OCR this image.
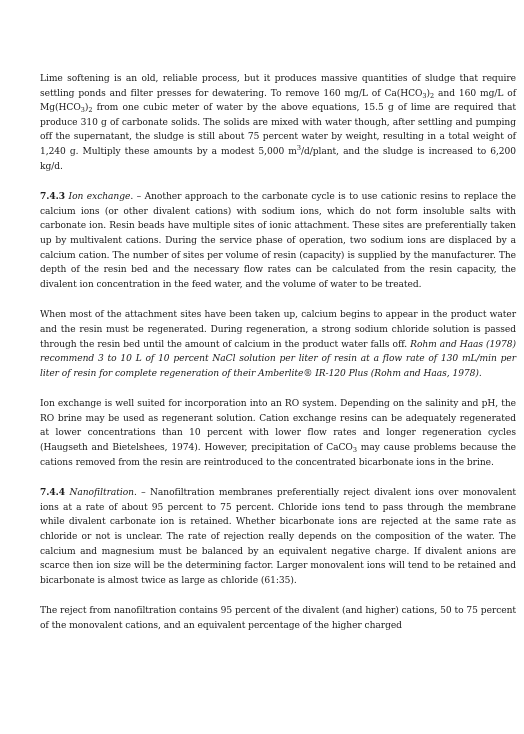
Lime softening is an old, reliable process, but it produces massive quantities of sludge that require settling ponds and filter presses for dewatering. To remove 160 mg/L of $Ca(HCO_3)_2$ and 160 mg/L of $Mg(HCO_3)_2$ from one cubic meter of water by the above equations, 15.5 g of lime are required that produce 310 g of carbonate solids. The solids are mixed with water though, after settling and pumping off the supernatant, the sludge is still about 75 percent water by weight, resulting in a total weight of 1,240 g. Multiply these amounts by a modest 5,000 $m^3/d$/plant, and the sludge is increased to 6,200 kg/d.

7.4.3 Ion exchange. – Another approach to the carbonate cycle is to use cationic resins to replace the calcium ions (or other divalent cations) with sodium ions, which do not form insoluble salts with carbonate ion. Resin beads have multiple sites of ionic attachment. These sites are preferentially taken up by multivalent cations. During the service phase of operation, two sodium ions are displaced by a calcium cation. The number of sites per volume of resin (capacity) is supplied by the manufacturer. The depth of the resin bed and the necessary flow rates can be calculated from the resin capacity, the divalent ion concentration in the feed water, and the volume of water to be treated.

When most of the attachment sites have been taken up, calcium begins to appear in the product water and the resin must be regenerated. During regeneration, a strong sodium chloride solution is passed through the resin bed until the amount of calcium in the product water falls off. Rohm and Haas (1978) recommend 3 to 10 L of 10 percent NaCl solution per liter of resin at a flow rate of 130 mL/min per liter of resin for complete regeneration of their Amberlite® IR-120 Plus (Rohm and Haas, 1978).

Ion exchange is well suited for incorporation into an RO system. Depending on the salinity and pH, the RO brine may be used as regenerant solution. Cation exchange resins can be adequately regenerated at lower concentrations than 10 percent with lower flow rates and longer regeneration cycles (Haugseth and Bietelshees, 1974). However, precipitation of CaCO$_3$ may cause problems because the cations removed from the resin are reintroduced to the concentrated bicarbonate ions in the brine.

7.4.4 Nanofiltration. – Nanofiltration membranes preferentially reject divalent ions over monovalent ions at a rate of about 95 percent to 75 percent. Chloride ions tend to pass through the membrane while divalent carbonate ion is retained. Whether bicarbonate ions are rejected at the same rate as chloride or not is unclear. The rate of rejection really depends on the composition of the water. The calcium and magnesium must be balanced by an equivalent negative charge. If divalent anions are scarce then ion size will be the determining factor. Larger monovalent ions will tend to be retained and bicarbonate is almost twice as large as chloride (61:35).

The reject from nanofiltration contains 95 percent of the divalent (and higher) cations, 50 to 75 percent of the monovalent cations, and an equivalent percentage of the higher charged
